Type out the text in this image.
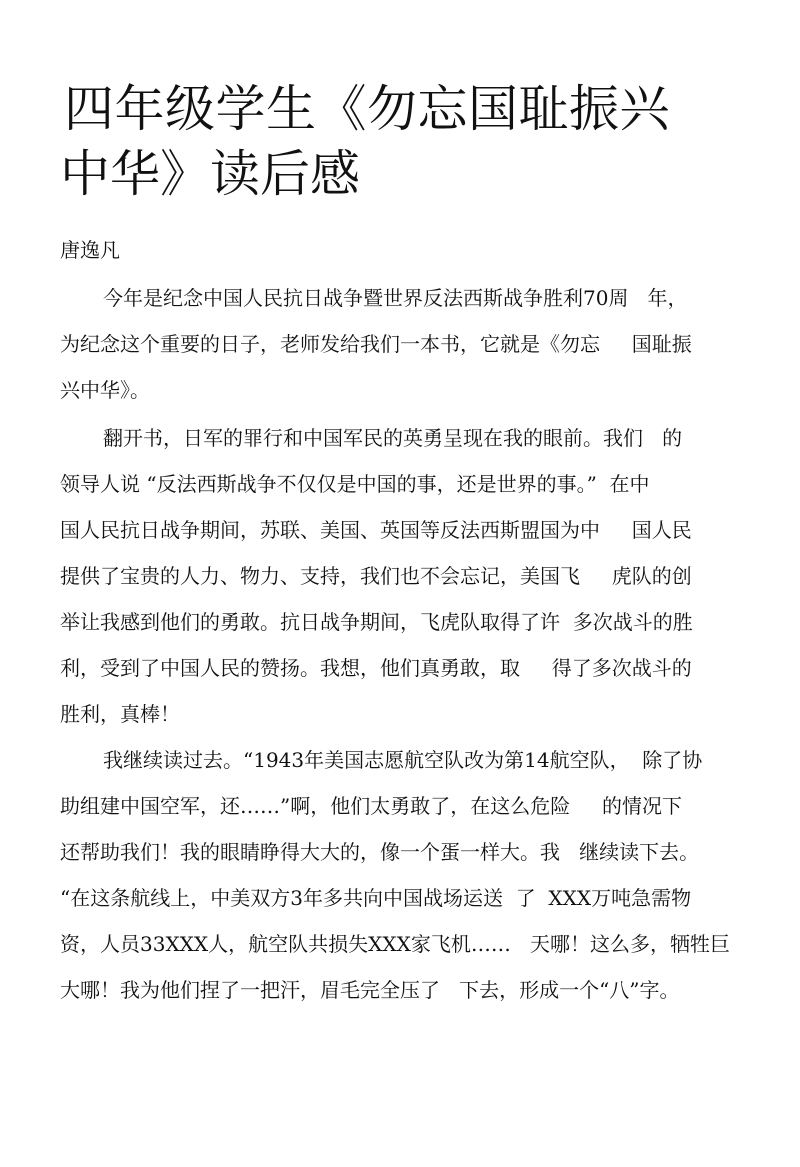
四年级学生《勿忘国耻振兴
中华》读后感
唐逸凡
今年是纪念中国人民抗日战争暨世界反法西斯战争胜利70周   年，
为纪念这个重要的日子，老师发给我们一本书，它就是《勿忘     国耻振
兴中华》。
翻开书，日军的罪行和中国军民的英勇呈现在我的眼前。我们   的
领导人说 “反法西斯战争不仅仅是中国的事，还是世界的事。”  在中
国人民抗日战争期间，苏联、美国、英国等反法西斯盟国为中     国人民
提供了宝贵的人力、物力、支持，我们也不会忘记，美国飞     虎队的创
举让我感到他们的勇敢。抗日战争期间，飞虎队取得了许  多次战斗的胜
利，受到了中国人民的赞扬。我想，他们真勇敢，取     得了多次战斗的
胜利，真棒！
我继续读过去。“1943年美国志愿航空队改为第14航空队，  除了协
助组建中国空军，还……”啊，他们太勇敢了，在这么危险     的情况下
还帮助我们！我的眼睛睁得大大的，像一个蛋一样大。我   继续读下去。
“在这条航线上，中美双方3年多共向中国战场运送  了  XXX万吨急需物
资，人员33XXX人，航空队共损失XXX家飞机……   天哪！这么多，牺牲巨
大哪！我为他们捏了一把汗，眉毛完全压了   下去，形成一个“八”字。
